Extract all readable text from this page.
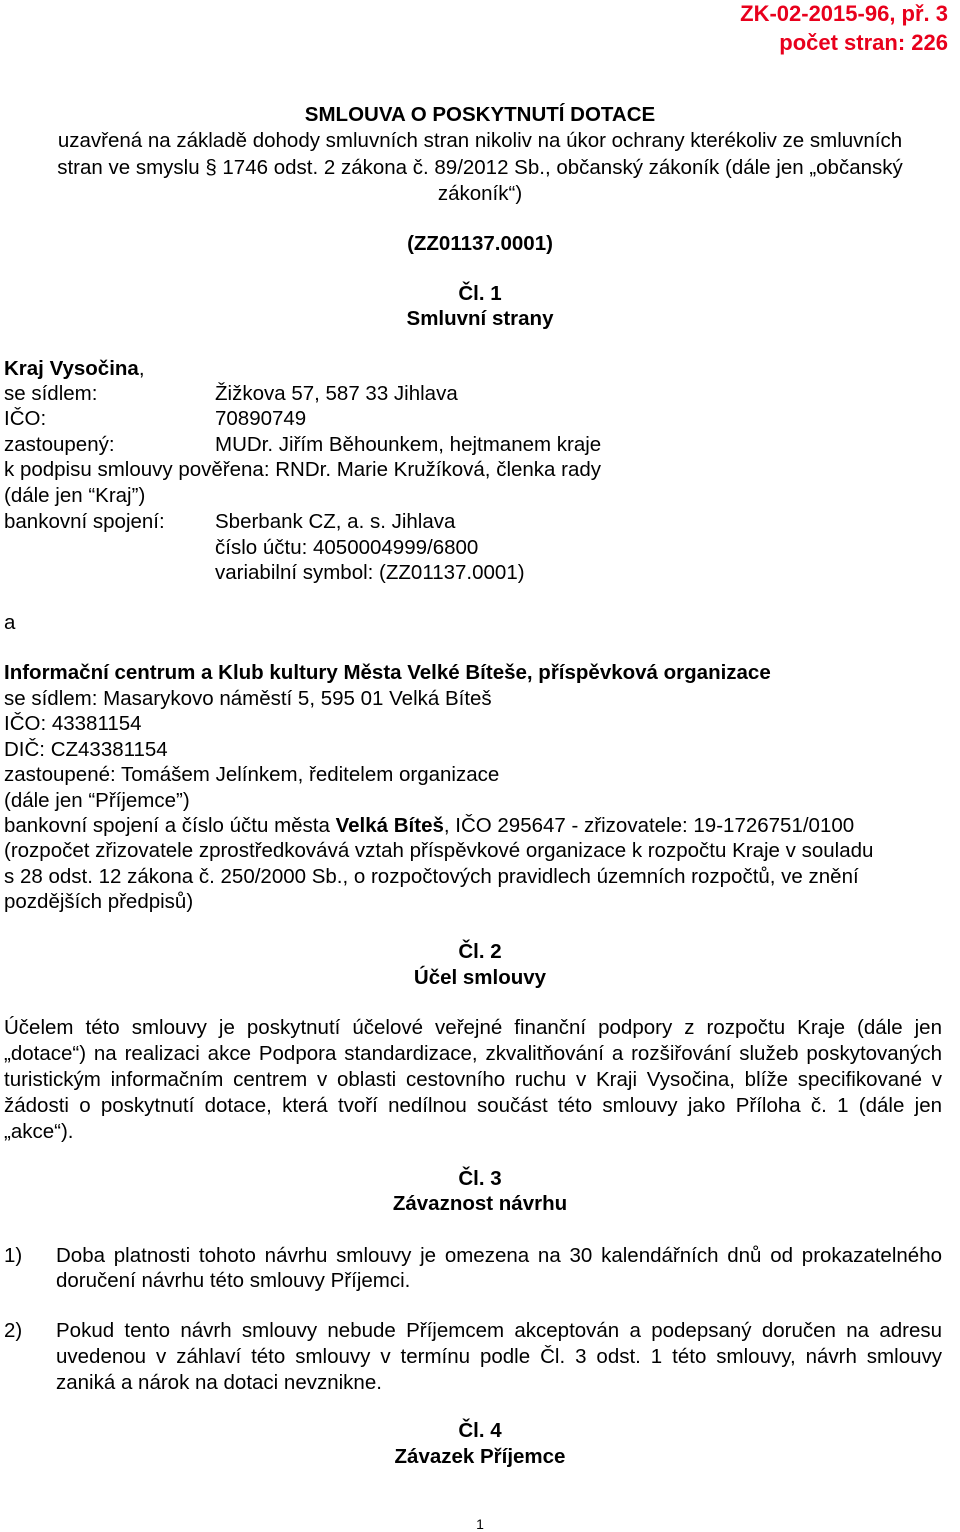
ZK-02-2015-96, př. 3
počet stran: 226
SMLOUVA O POSKYTNUTÍ DOTACE
uzavřená na základě dohody smluvních stran nikoliv na úkor ochrany kterékoliv ze smluvních
stran ve smyslu § 1746 odst. 2 zákona č. 89/2012 Sb., občanský zákoník (dále jen „občanský
zákoník“)
(ZZ01137.0001)
Čl. 1
Smluvní strany
Kraj Vysočina,
se sídlem:	Žižkova 57, 587 33 Jihlava
IČO:	70890749
zastoupený:	MUDr. Jiřím Běhounkem, hejtmanem kraje
k podpisu smlouvy pověřena: RNDr. Marie Kružíková, členka rady
(dále jen “Kraj”)
bankovní spojení: Sberbank CZ, a. s. Jihlava
číslo účtu: 4050004999/6800
variabilní symbol: (ZZ01137.0001)
a
Informační centrum a Klub kultury Města Velké Bíteše, příspěvková organizace
se sídlem: Masarykovo náměstí 5, 595 01 Velká Bíteš
IČO: 43381154
DIČ: CZ43381154
zastoupené: Tomášem Jelínkem, ředitelem organizace
(dále jen “Příjemce”)
bankovní spojení a číslo účtu města Velká Bíteš, IČO 295647 - zřizovatele: 19-1726751/0100
(rozpočet zřizovatele zprostředkovává vztah příspěvkové organizace k rozpočtu Kraje v souladu
s 28 odst. 12 zákona č. 250/2000 Sb., o rozpočtových pravidlech územních rozpočtů, ve znění
pozdějších předpisů)
Čl. 2
Účel smlouvy
Účelem této smlouvy je poskytnutí účelové veřejné finanční podpory z rozpočtu Kraje (dále jen „dotace“) na realizaci akce Podpora standardizace, zkvalitňování a rozšiřování služeb poskytovaných turistickým informačním centrem v oblasti cestovního ruchu v Kraji Vysočina, blíže specifikované v žádosti o poskytnutí dotace, která tvoří nedílnou součást této smlouvy jako Příloha č. 1 (dále jen „akce“).
Čl. 3
Závaznost návrhu
1) Doba platnosti tohoto návrhu smlouvy je omezena na 30 kalendářních dnů od prokazatelného doručení návrhu této smlouvy Příjemci.
2) Pokud tento návrh smlouvy nebude Příjemcem akceptován a podepsaný doručen na adresu uvedenou v záhlaví této smlouvy v termínu podle Čl. 3 odst. 1 této smlouvy, návrh smlouvy zaniká a nárok na dotaci nevznikne.
Čl. 4
Závazek Příjemce
1
